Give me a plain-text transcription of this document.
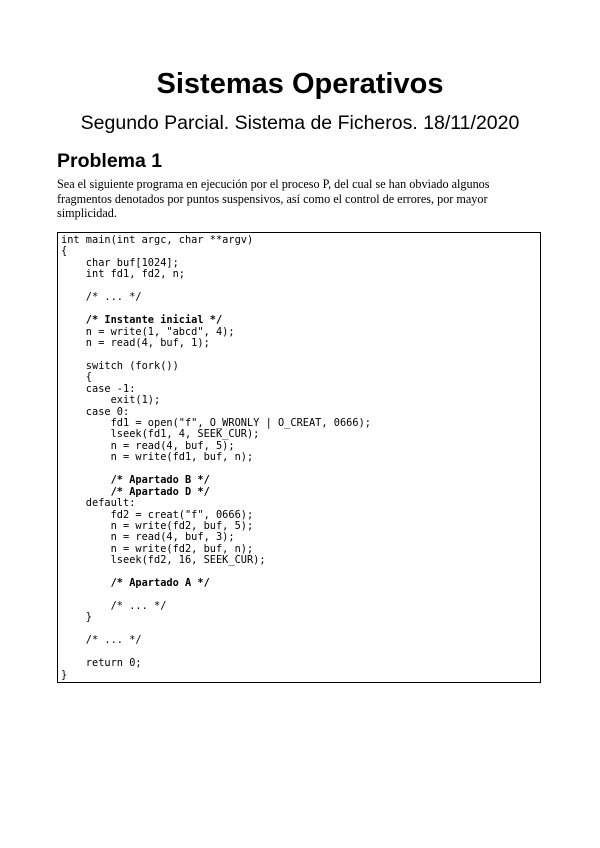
Sistemas Operativos
Segundo Parcial. Sistema de Ficheros. 18/11/2020
Problema 1
Sea el siguiente programa en ejecución por el proceso P, del cual se han obviado algunos fragmentos denotados por puntos suspensivos, así como el control de errores, por mayor simplicidad.
int main(int argc, char **argv)
{
char buf[1024];
int fd1, fd2, n;
/* ... */
/* Instante inicial */
n = write(1, "abcd", 4);
n = read(4, buf, 1);
switch (fork())
{
case -1:
exit(1);
case 0:
fd1 = open("f", O_WRONLY | O_CREAT, 0666);
lseek(fd1, 4, SEEK_CUR);
n = read(4, buf, 5);
n = write(fd1, buf, n);
/* Apartado B */
/* Apartado D */
default:
fd2 = creat("f", 0666);
n = write(fd2, buf, 5);
n = read(4, buf, 3);
n = write(fd2, buf, n);
lseek(fd2, 16, SEEK_CUR);
/* Apartado A */
/* ... */
}
/* ... */
return 0;
}
